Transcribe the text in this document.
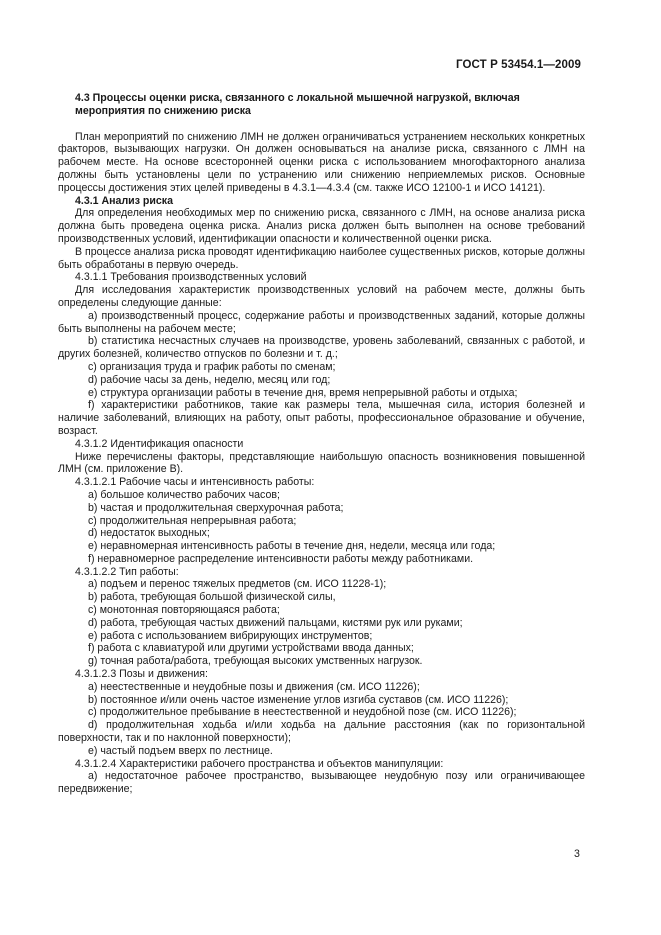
ГОСТ Р 53454.1—2009

4.3 Процессы оценки риска, связанного с локальной мышечной нагрузкой, включая мероприятия по снижению риска

План мероприятий по снижению ЛМН не должен ограничиваться устранением нескольких конкретных факторов, вызывающих нагрузки. Он должен основываться на анализе риска, связанного с ЛМН на рабочем месте. На основе всесторонней оценки риска с использованием многофакторного анализа должны быть установлены цели по устранению или снижению неприемлемых рисков. Основные процессы достижения этих целей приведены в 4.3.1—4.3.4 (см. также ИСО 12100-1 и ИСО 14121).

4.3.1 Анализ риска

Для определения необходимых мер по снижению риска, связанного с ЛМН, на основе анализа риска должна быть проведена оценка риска. Анализ риска должен быть выполнен на основе требований производственных условий, идентификации опасности и количественной оценки риска.

В процессе анализа риска проводят идентификацию наиболее существенных рисков, которые должны быть обработаны в первую очередь.

4.3.1.1 Требования производственных условий

Для исследования характеристик производственных условий на рабочем месте, должны быть определены следующие данные:

a) производственный процесс, содержание работы и производственных заданий, которые должны быть выполнены на рабочем месте;

b) статистика несчастных случаев на производстве, уровень заболеваний, связанных с работой, и других болезней, количество отпусков по болезни и т. д.;

c) организация труда и график работы по сменам;

d) рабочие часы за день, неделю, месяц или год;

e) структура организации работы в течение дня, время непрерывной работы и отдыха;

f) характеристики работников, такие как размеры тела, мышечная сила, история болезней и наличие заболеваний, влияющих на работу, опыт работы, профессиональное образование и обучение, возраст.

4.3.1.2 Идентификация опасности

Ниже перечислены факторы, представляющие наибольшую опасность возникновения повышенной ЛМН (см. приложение В).

4.3.1.2.1 Рабочие часы и интенсивность работы:

a) большое количество рабочих часов;

b) частая и продолжительная сверхурочная работа;

c) продолжительная непрерывная работа;

d) недостаток выходных;

e) неравномерная интенсивность работы в течение дня, недели, месяца или года;

f) неравномерное распределение интенсивности работы между работниками.

4.3.1.2.2 Тип работы:

a) подъем и перенос тяжелых предметов (см. ИСО 11228-1);

b) работа, требующая большой физической силы,

c) монотонная повторяющаяся работа;

d) работа, требующая частых движений пальцами, кистями рук или руками;

e) работа с использованием вибрирующих инструментов;

f) работа с клавиатурой или другими устройствами ввода данных;

g) точная работа/работа, требующая высоких умственных нагрузок.

4.3.1.2.3 Позы и движения:

a) неестественные и неудобные позы и движения (см. ИСО 11226);

b) постоянное и/или очень частое изменение углов изгиба суставов (см. ИСО 11226);

c) продолжительное пребывание в неестественной и неудобной позе (см. ИСО 11226);

d) продолжительная ходьба и/или ходьба на дальние расстояния (как по горизонтальной поверхности, так и по наклонной поверхности);

e) частый подъем вверх по лестнице.

4.3.1.2.4 Характеристики рабочего пространства и объектов манипуляции:

a) недостаточное рабочее пространство, вызывающее неудобную позу или ограничивающее передвижение;

3
